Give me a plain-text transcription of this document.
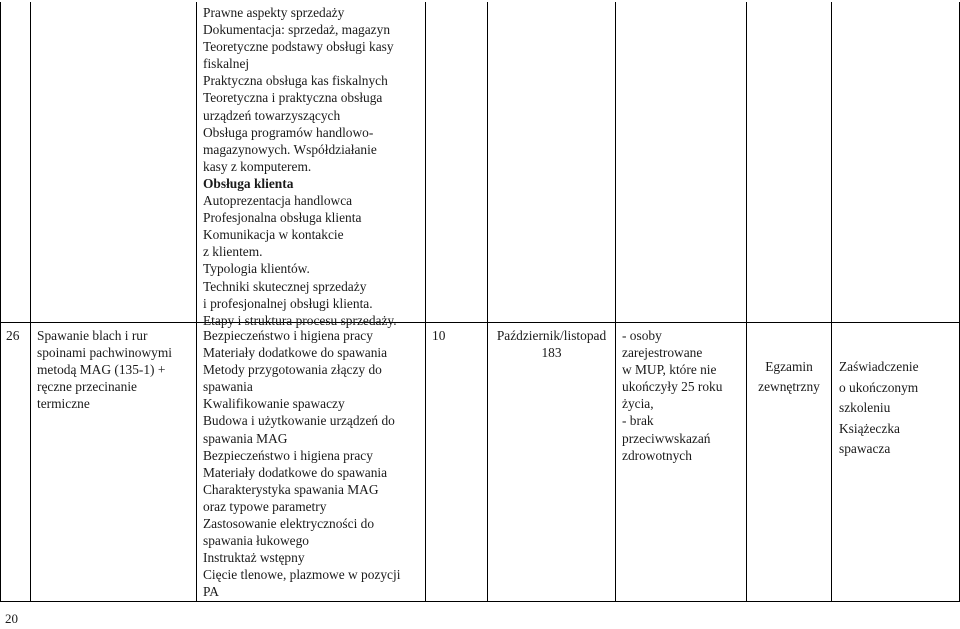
Prawne aspekty sprzedaży
Dokumentacja: sprzedaż, magazyn
Teoretyczne podstawy obsługi kasy
fiskalnej
Praktyczna obsługa kas fiskalnych
Teoretyczna i praktyczna obsługa
urządzeń towarzyszących
Obsługa programów handlowo-
magazynowych. Współdziałanie
kasy z komputerem.
Obsługa klienta
Autoprezentacja handlowca
Profesjonalna obsługa klienta
Komunikacja w kontakcie
z klientem.
Typologia klientów.
Techniki skutecznej sprzedaży
i profesjonalnej obsługi klienta.
Etapy i struktura procesu sprzedaży.
26 Spawanie blach i rur
spoinami pachwinowymi
metodą MAG (135-1) +
ręczne przecinanie
termiczne
Bezpieczeństwo i higiena pracy
Materiały dodatkowe do spawania
Metody przygotowania złączy do
spawania
Kwalifikowanie spawaczy
Budowa i użytkowanie urządzeń do
spawania MAG
Bezpieczeństwo i higiena pracy
Materiały dodatkowe do spawania
Charakterystyka spawania MAG
oraz typowe parametry
Zastosowanie elektryczności do
spawania łukowego
Instruktaż wstępny
Cięcie tlenowe, plazmowe w pozycji
PA
10	Październik/listopad
183
- osoby
zarejestrowane
w MUP, które nie
ukończyły 25 roku
życia,
- brak
przeciwwskazań
zdrowotnych
Egzamin
zewnętrzny
Zaświadczenie
o ukończonym
szkoleniu
Książeczka
spawacza
20
